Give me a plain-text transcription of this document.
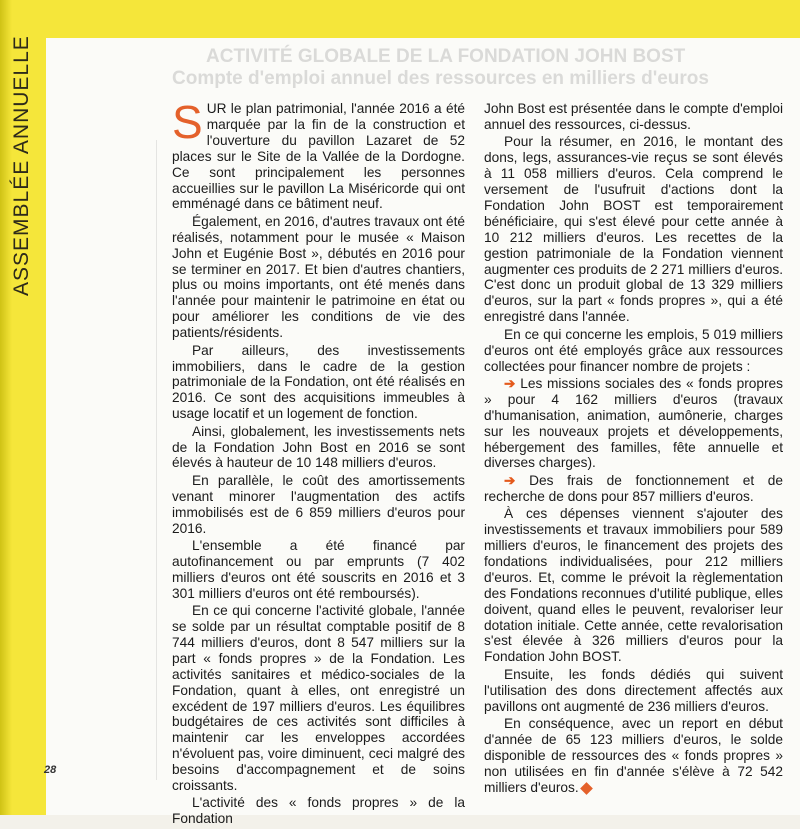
ASSEMBLÉE ANNUELLE
28
ACTIVITÉ GLOBALE DE LA FONDATION JOHN BOST
Compte d'emploi annuel des ressources en milliers d'euros

SUR le plan patrimonial, l'année 2016 a été marquée par la fin de la construction et l'ouverture du pavillon Lazaret de 52 places sur le Site de la Vallée de la Dordogne. Ce sont principalement les personnes accueillies sur le pavillon La Miséricorde qui ont emménagé dans ce bâtiment neuf.

Également, en 2016, d'autres travaux ont été réalisés, notamment pour le musée « Maison John et Eugénie Bost », débutés en 2016 pour se terminer en 2017. Et bien d'autres chantiers, plus ou moins importants, ont été menés dans l'année pour maintenir le patrimoine en état ou pour améliorer les conditions de vie des patients/résidents.

Par ailleurs, des investissements immobiliers, dans le cadre de la gestion patrimoniale de la Fondation, ont été réalisés en 2016. Ce sont des acquisitions immeubles à usage locatif et un logement de fonction.

Ainsi, globalement, les investissements nets de la Fondation John Bost en 2016 se sont élevés à hauteur de 10 148 milliers d'euros.

En parallèle, le coût des amortissements venant minorer l'augmentation des actifs immobilisés est de 6 859 milliers d'euros pour 2016.

L'ensemble a été financé par autofinancement ou par emprunts (7 402 milliers d'euros ont été souscrits en 2016 et 3 301 milliers d'euros ont été remboursés).

En ce qui concerne l'activité globale, l'année se solde par un résultat comptable positif de 8 744 milliers d'euros, dont 8 547 milliers sur la part « fonds propres » de la Fondation. Les activités sanitaires et médico-sociales de la Fondation, quant à elles, ont enregistré un excédent de 197 milliers d'euros. Les équilibres budgétaires de ces activités sont difficiles à maintenir car les enveloppes accordées n'évoluent pas, voire diminuent, ceci malgré des besoins d'accompagnement et de soins croissants.

L'activité des « fonds propres » de la Fondation

John Bost est présentée dans le compte d'emploi annuel des ressources, ci-dessus.

Pour la résumer, en 2016, le montant des dons, legs, assurances-vie reçus se sont élevés à 11 058 milliers d'euros. Cela comprend le versement de l'usufruit d'actions dont la Fondation John BOST est temporairement bénéficiaire, qui s'est élevé pour cette année à 10 212 milliers d'euros. Les recettes de la gestion patrimoniale de la Fondation viennent augmenter ces produits de 2 271 milliers d'euros. C'est donc un produit global de 13 329 milliers d'euros, sur la part « fonds propres », qui a été enregistré dans l'année.

En ce qui concerne les emplois, 5 019 milliers d'euros ont été employés grâce aux ressources collectées pour financer nombre de projets :

➔ Les missions sociales des « fonds propres » pour 4 162 milliers d'euros (travaux d'humanisation, animation, aumônerie, charges sur les nouveaux projets et développements, hébergement des familles, fête annuelle et diverses charges).

➔ Des frais de fonctionnement et de recherche de dons pour 857 milliers d'euros.

À ces dépenses viennent s'ajouter des investissements et travaux immobiliers pour 589 milliers d'euros, le financement des projets des fondations individualisées, pour 212 milliers d'euros. Et, comme le prévoit la règlementation des Fondations reconnues d'utilité publique, elles doivent, quand elles le peuvent, revaloriser leur dotation initiale. Cette année, cette revalorisation s'est élevée à 326 milliers d'euros pour la Fondation John BOST.

Ensuite, les fonds dédiés qui suivent l'utilisation des dons directement affectés aux pavillons ont augmenté de 236 milliers d'euros.

En conséquence, avec un report en début d'année de 65 123 milliers d'euros, le solde disponible de ressources des « fonds propres » non utilisées en fin d'année s'élève à 72 542 milliers d'euros.
